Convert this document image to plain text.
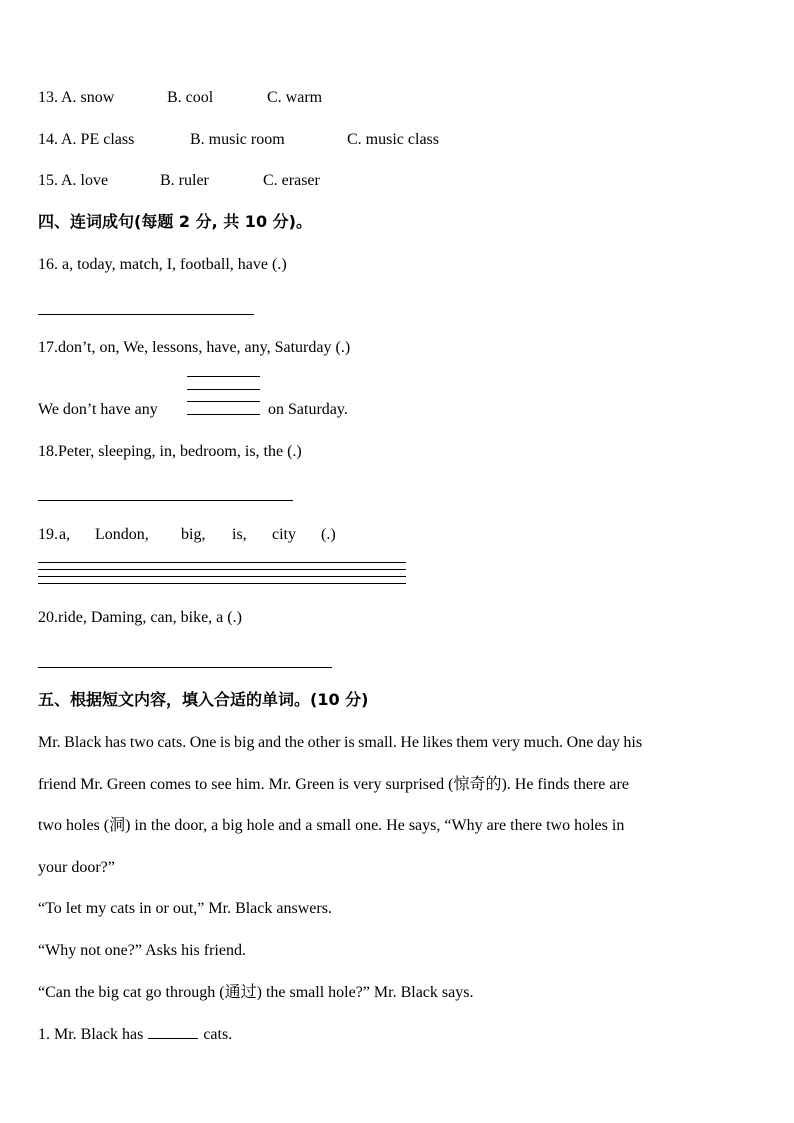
13. A. snow	B. cool	C. warm
14. A. PE class	B. music room	C. music class
15. A. love	B. ruler	C. eraser
四、连词成句(每题 2 分, 共 10 分)。
16. a, today, match, I, football, have (.)
17.don’t, on, We, lessons, have, any, Saturday (.)
We don’t have any	on Saturday.
18.Peter, sleeping, in, bedroom, is, the (.)
19. a, London, big, is, city (.)
20.ride, Daming, can, bike, a (.)
五、根据短文内容，填入合适的单词。(10 分)
Mr. Black has two cats. One is big and the other is small. He likes them very much. One day his
friend Mr. Green comes to see him. Mr. Green is very surprised (惊奇的). He finds there are
two holes (洞) in the door, a big hole and a small one. He says, “Why are there two holes in
your door?”
“To let my cats in or out,” Mr. Black answers.
“Why not one?” Asks his friend.
“Can the big cat go through (通过) the small hole?” Mr. Black says.
1. Mr. Black has	cats.
